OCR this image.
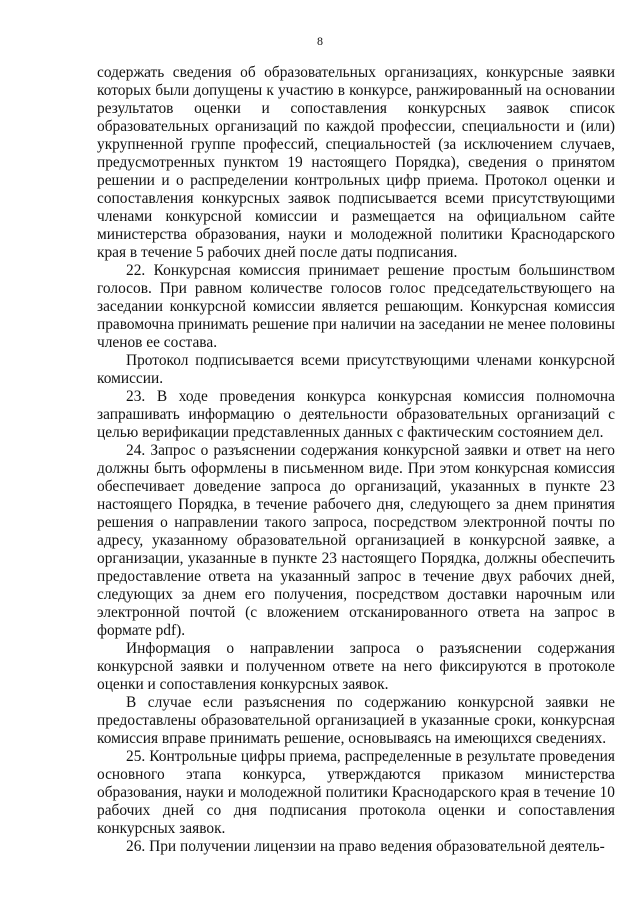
8

содержать сведения об образовательных организациях, конкурсные заявки которых были допущены к участию в конкурсе, ранжированный на основании результатов оценки и сопоставления конкурсных заявок список образовательных организаций по каждой профессии, специальности и (или) укрупненной группе профессий, специальностей (за исключением случаев, предусмотренных пунктом 19 настоящего Порядка), сведения о принятом решении и о распределении контрольных цифр приема. Протокол оценки и сопоставления конкурсных заявок подписывается всеми присутствующими членами конкурсной комиссии и размещается на официальном сайте министерства образования, науки и молодежной политики Краснодарского края в течение 5 рабочих дней после даты подписания.

22. Конкурсная комиссия принимает решение простым большинством голосов. При равном количестве голосов голос председательствующего на заседании конкурсной комиссии является решающим. Конкурсная комиссия правомочна принимать решение при наличии на заседании не менее половины членов ее состава.

Протокол подписывается всеми присутствующими членами конкурсной комиссии.

23. В ходе проведения конкурса конкурсная комиссия полномочна запрашивать информацию о деятельности образовательных организаций с целью верификации представленных данных с фактическим состоянием дел.

24. Запрос о разъяснении содержания конкурсной заявки и ответ на него должны быть оформлены в письменном виде. При этом конкурсная комиссия обеспечивает доведение запроса до организаций, указанных в пункте 23 настоящего Порядка, в течение рабочего дня, следующего за днем принятия решения о направлении такого запроса, посредством электронной почты по адресу, указанному образовательной организацией в конкурсной заявке, а организации, указанные в пункте 23 настоящего Порядка, должны обеспечить предоставление ответа на указанный запрос в течение двух рабочих дней, следующих за днем его получения, посредством доставки нарочным или электронной почтой (с вложением отсканированного ответа на запрос в формате pdf).

Информация о направлении запроса о разъяснении содержания конкурсной заявки и полученном ответе на него фиксируются в протоколе оценки и сопоставления конкурсных заявок.

В случае если разъяснения по содержанию конкурсной заявки не предоставлены образовательной организацией в указанные сроки, конкурсная комиссия вправе принимать решение, основываясь на имеющихся сведениях.

25. Контрольные цифры приема, распределенные в результате проведения основного этапа конкурса, утверждаются приказом министерства образования, науки и молодежной политики Краснодарского края в течение 10 рабочих дней со дня подписания протокола оценки и сопоставления конкурсных заявок.

26. При получении лицензии на право ведения образовательной деятель-
